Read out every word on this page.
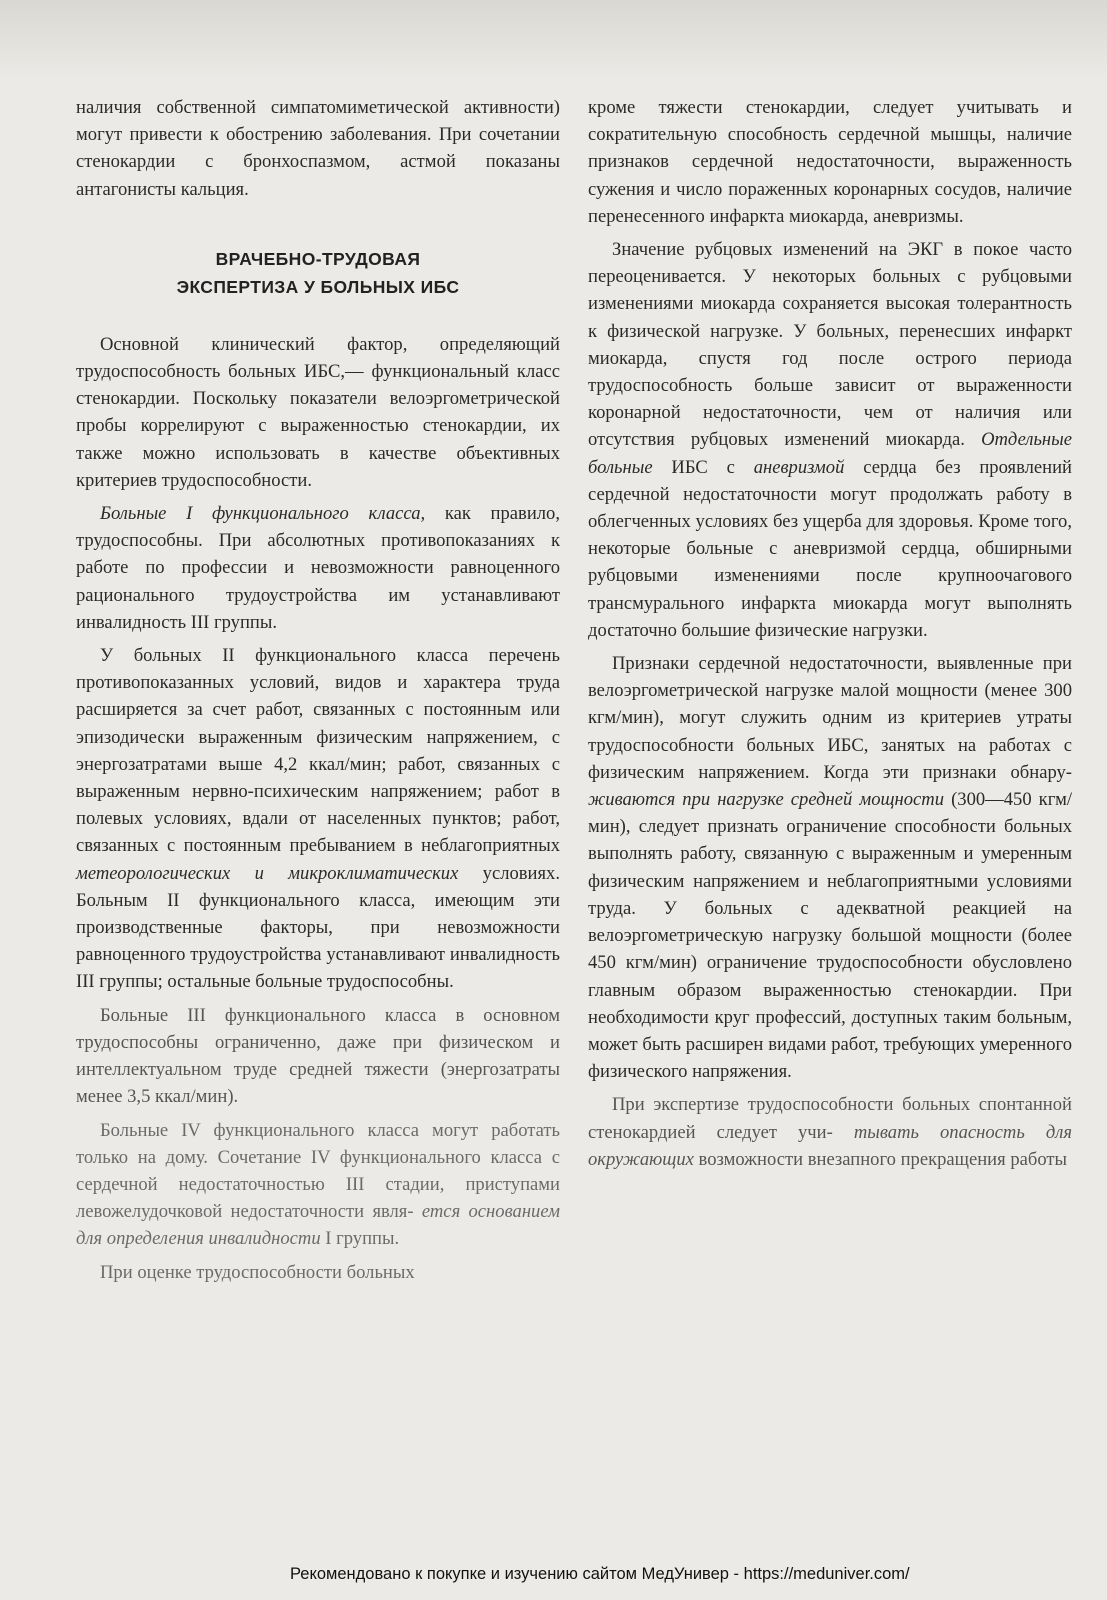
наличия собственной симпатомиметической активности) могут привести к обострению заболевания. При сочетании стенокардии с бронхоспазмом, астмой показаны антагонисты кальция.

ВРАЧЕБНО-ТРУДОВАЯ
ЭКСПЕРТИЗА У БОЛЬНЫХ ИБС

Основной клинический фактор, определяющий трудоспособность больных ИБС,— функциональный класс стенокардии. Поскольку показатели велоэргометрической пробы коррелируют с выраженностью стенокардии, их также можно использовать в качестве объективных критериев трудоспособности.

Больные I функционального класса, как правило, трудоспособны. При абсолютных противопоказаниях к работе по профессии и невозможности равноценного рационального трудоустройства им устанавливают инвалидность III группы.

У больных II функционального класса перечень противопоказанных условий, видов и характера труда расширяется за счет работ, связанных с постоянным или эпизодически выраженным физическим напряжением, с энергозатратами выше 4,2 ккал/мин; работ, связанных с выраженным нервно-психическим напряжением; работ в полевых условиях, вдали от населенных пунктов; работ, связанных с постоянным пребыванием в неблагоприятных метеорологических и микроклиматических условиях. Больным II функционального класса, имеющим эти производственные факторы, при невозможности равноценного трудоустройства устанавливают инвалидность III группы; остальные больные трудоспособны.

Больные III функционального класса в основном трудоспособны ограниченно, даже при физическом и интеллектуальном труде средней тяжести (энергозатраты менее 3,5 ккал/мин).

Больные IV функционального класса могут работать только на дому. Сочетание IV функционального класса с сердечной недостаточностью III стадии, приступами левожелудочковой недостаточности явля- ется основанием для определения инвалидности I группы.

При оценке трудоспособности больных

кроме тяжести стенокардии, следует учитывать и сократительную способность сердечной мышцы, наличие признаков сердечной недостаточности, выраженность сужения и число пораженных коронарных сосудов, наличие перенесенного инфаркта миокарда, аневризмы.

Значение рубцовых изменений на ЭКГ в покое часто переоценивается. У некоторых больных с рубцовыми изменениями миокарда сохраняется высокая толерантность к физической нагрузке. У больных, перенесших инфаркт миокарда, спустя год после острого периода трудоспособность больше зависит от выраженности коронарной недостаточности, чем от наличия или отсутствия рубцовых изменений миокарда. Отдельные больные ИБС с аневризмой сердца без проявлений сердечной недостаточности могут продолжать работу в облегченных условиях без ущерба для здоровья. Кроме того, некоторые больные с аневризмой сердца, обширными рубцовыми изменениями после крупноочагового трансмурального инфаркта миокарда могут выполнять достаточно большие физические нагрузки.

Признаки сердечной недостаточности, выявленные при велоэргометрической нагрузке малой мощности (менее 300 кгм/мин), могут служить одним из критериев утраты трудоспособности больных ИБС, занятых на работах с физическим напряжением. Когда эти признаки обнару- живаются при нагрузке средней мощности (300—450 кгм/мин), следует признать ограничение способности больных выполнять работу, связанную с выраженным и умеренным физическим напряжением и неблагоприятными условиями труда. У больных с адекватной реакцией на велоэргометрическую нагрузку большой мощности (более 450 кгм/мин) ограничение трудоспособности обусловлено главным образом выраженностью стенокардии. При необходимости круг профессий, доступных таким больным, может быть расширен видами работ, требующих умеренного физического напряжения.

При экспертизе трудоспособности больных спонтанной стенокардией следует учи- тывать опасность для окружающих возможности внезапного прекращения работы

Рекомендовано к покупке и изучению сайтом МедУнивер - https://meduniver.com/
